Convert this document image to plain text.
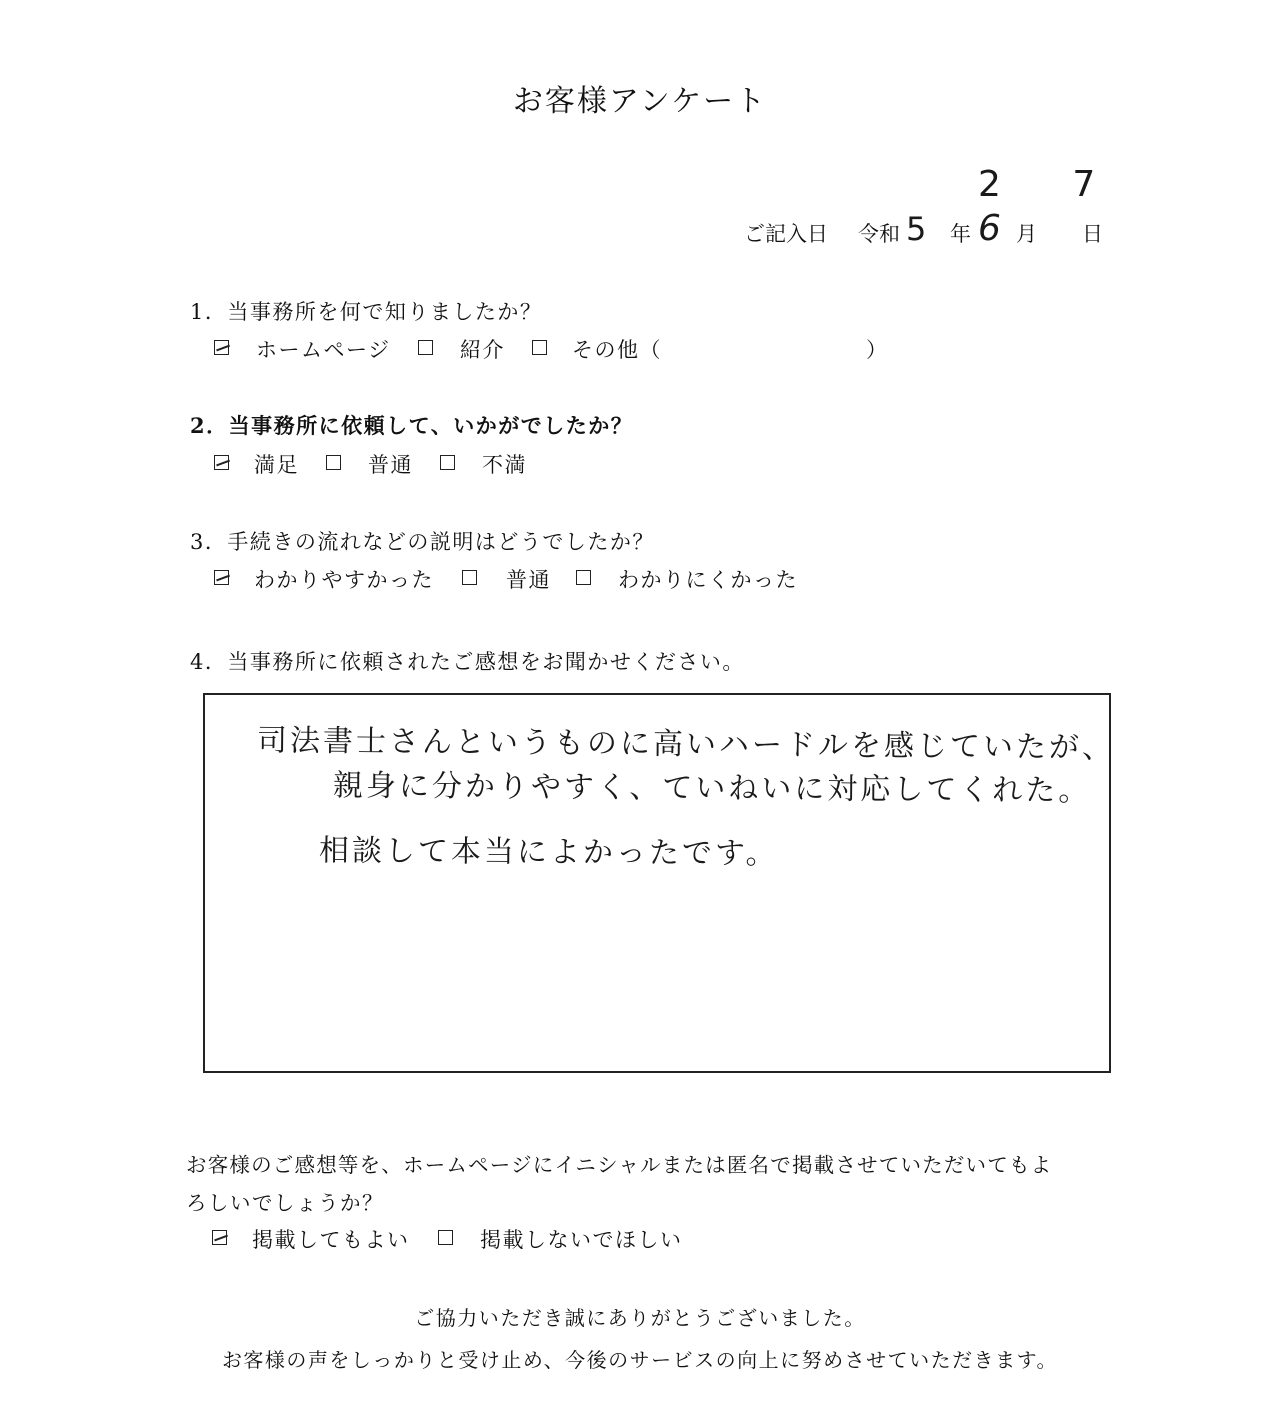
お客様アンケート
2 7
ご記入日 令和 5 年 6 月 日
1．当事務所を何で知りましたか？
ホームページ	紹介	その他（	）
2．当事務所に依頼して、いかがでしたか？
満足	普通	不満
3．手続きの流れなどの説明はどうでしたか？
わかりやすかった	普通	わかりにくかった
4．当事務所に依頼されたご感想をお聞かせください。
司法書士さんというものに高いハードルを感じていたが、
親身に分かりやすく、ていねいに対応してくれた。
相談して本当によかったです。
お客様のご感想等を、ホームページにイニシャルまたは匿名で掲載させていただいてもよ
ろしいでしょうか？
掲載してもよい	掲載しないでほしい
ご協力いただき誠にありがとうございました。
お客様の声をしっかりと受け止め、今後のサービスの向上に努めさせていただきます。
